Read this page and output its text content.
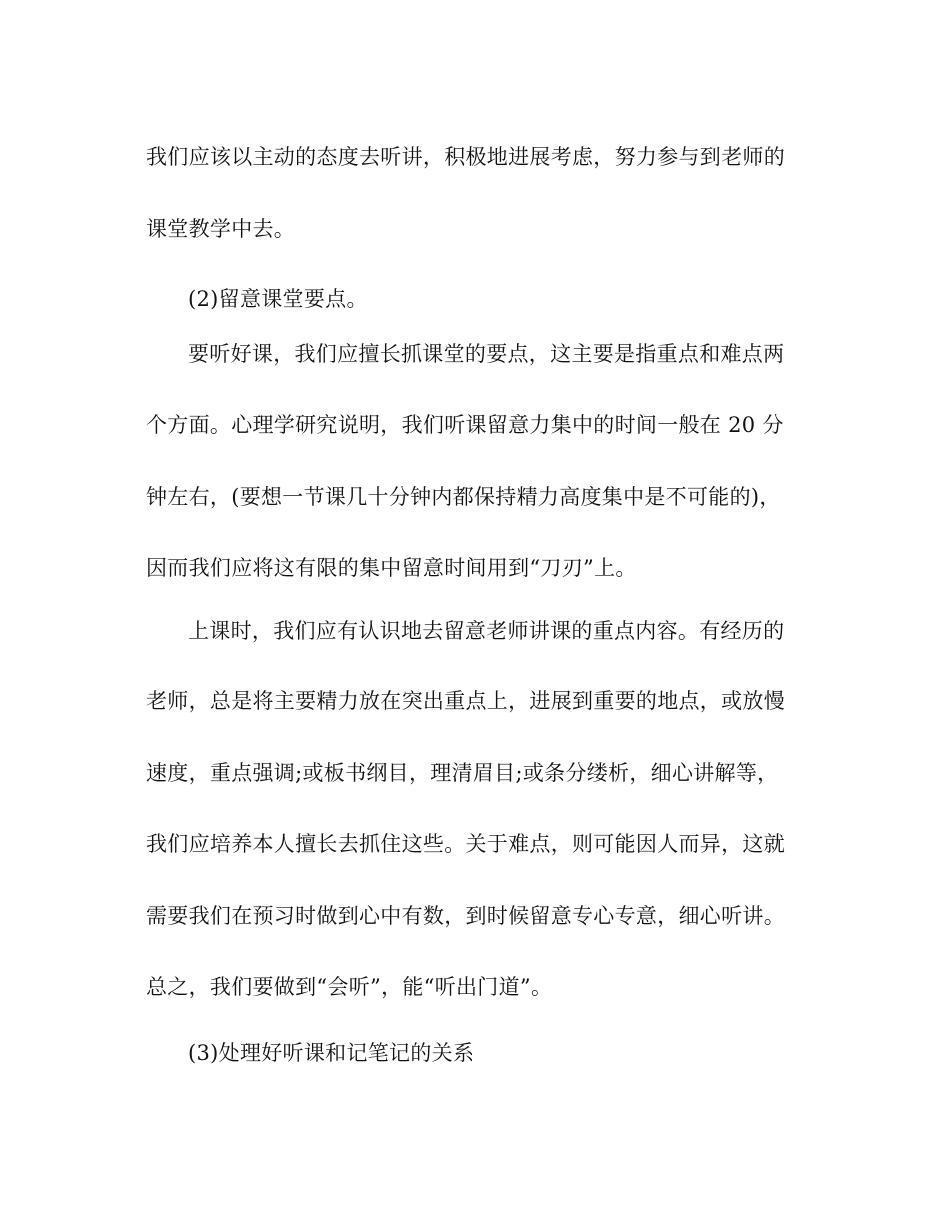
我们应该以主动的态度去听讲，积极地进展考虑，努力参与到老师的
课堂教学中去。
(2)留意课堂要点。
要听好课，我们应擅长抓课堂的要点，这主要是指重点和难点两
个方面。心理学研究说明，我们听课留意力集中的时间一般在 20 分
钟左右，(要想一节课几十分钟内都保持精力高度集中是不可能的)，
因而我们应将这有限的集中留意时间用到“刀刃”上。
上课时，我们应有认识地去留意老师讲课的重点内容。有经历的
老师，总是将主要精力放在突出重点上，进展到重要的地点，或放慢
速度，重点强调;或板书纲目，理清眉目;或条分缕析，细心讲解等，
我们应培养本人擅长去抓住这些。关于难点，则可能因人而异，这就
需要我们在预习时做到心中有数，到时候留意专心专意，细心听讲。
总之，我们要做到“会听”，能“听出门道”。
(3)处理好听课和记笔记的关系
